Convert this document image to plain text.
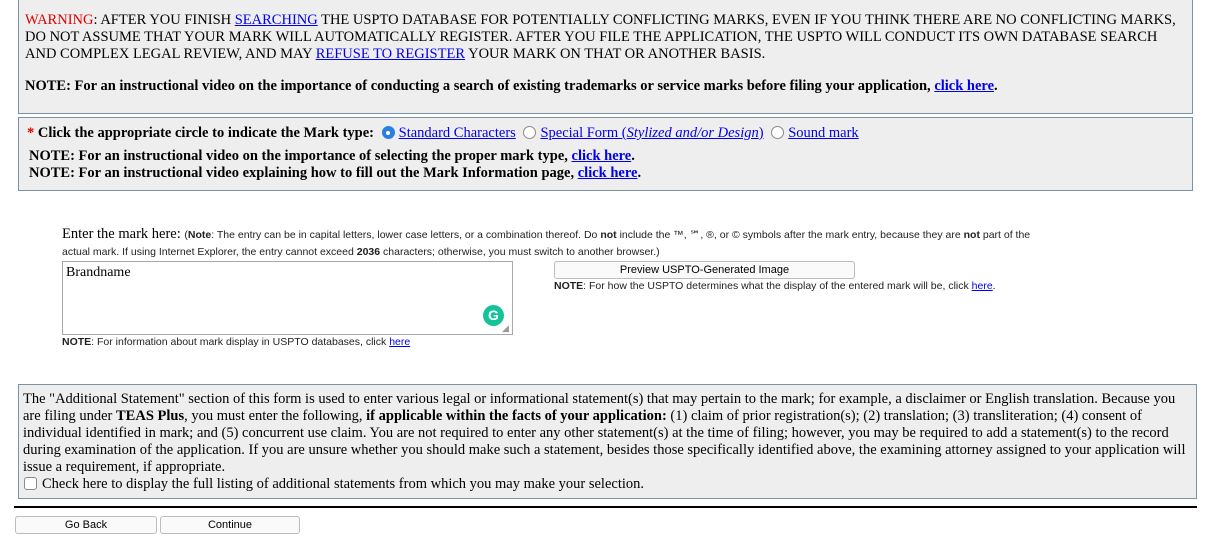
WARNING: AFTER YOU FINISH SEARCHING THE USPTO DATABASE FOR POTENTIALLY CONFLICTING MARKS, EVEN IF YOU THINK THERE ARE NO CONFLICTING MARKS, DO NOT ASSUME THAT YOUR MARK WILL AUTOMATICALLY REGISTER. AFTER YOU FILE THE APPLICATION, THE USPTO WILL CONDUCT ITS OWN DATABASE SEARCH AND COMPLEX LEGAL REVIEW, AND MAY REFUSE TO REGISTER YOUR MARK ON THAT OR ANOTHER BASIS.
NOTE: For an instructional video on the importance of conducting a search of existing trademarks or service marks before filing your application, click here.
* Click the appropriate circle to indicate the Mark type: Standard Characters Special Form (Stylized and/or Design) Sound mark
NOTE: For an instructional video on the importance of selecting the proper mark type, click here.
NOTE: For an instructional video explaining how to fill out the Mark Information page, click here.
Enter the mark here: (Note: The entry can be in capital letters, lower case letters, or a combination thereof. Do not include the ™, ℠, ®, or © symbols after the mark entry, because they are not part of the actual mark. If using Internet Explorer, the entry cannot exceed 2036 characters; otherwise, you must switch to another browser.)
Brandname
G
◢
NOTE: For information about mark display in USPTO databases, click here
Preview USPTO-Generated Image
NOTE: For how the USPTO determines what the display of the entered mark will be, click here.
The "Additional Statement" section of this form is used to enter various legal or informational statement(s) that may pertain to the mark; for example, a disclaimer or English translation. Because you are filing under TEAS Plus, you must enter the following, if applicable within the facts of your application: (1) claim of prior registration(s); (2) translation; (3) transliteration; (4) consent of individual identified in mark; and (5) concurrent use claim. You are not required to enter any other statement(s) at the time of filing; however, you may be required to add a statement(s) to the record during examination of the application. If you are unsure whether you should make such a statement, besides those specifically identified above, the examining attorney assigned to your application will issue a requirement, if appropriate.
Check here to display the full listing of additional statements from which you may make your selection.
Go Back	Continue
